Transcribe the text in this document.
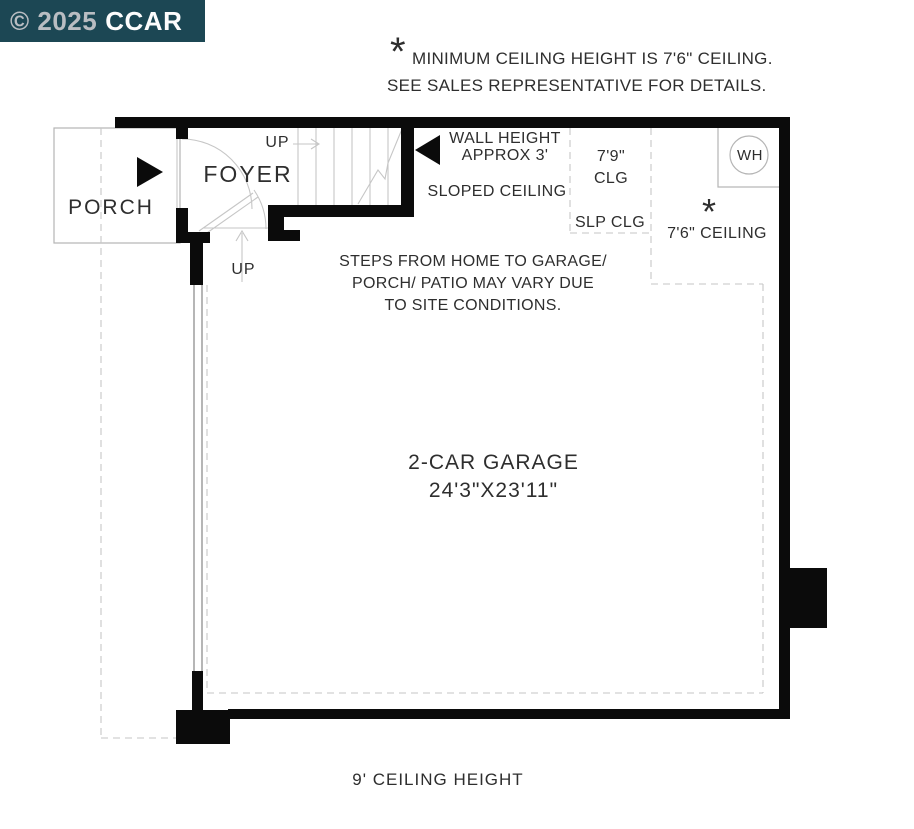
© 2025 CCAR
* MINIMUM CEILING HEIGHT IS 7'6" CEILING.
SEE SALES REPRESENTATIVE FOR DETAILS.
PORCH
FOYER
2-CAR GARAGE
24'3"X23'11"
UP
UP
WALL HEIGHT
APPROX 3'
SLOPED CEILING
7'9"
CLG
SLP CLG *
7'6" CEILING
WH
STEPS FROM HOME TO GARAGE/
PORCH/ PATIO MAY VARY DUE
TO SITE CONDITIONS.
9' CEILING HEIGHT
